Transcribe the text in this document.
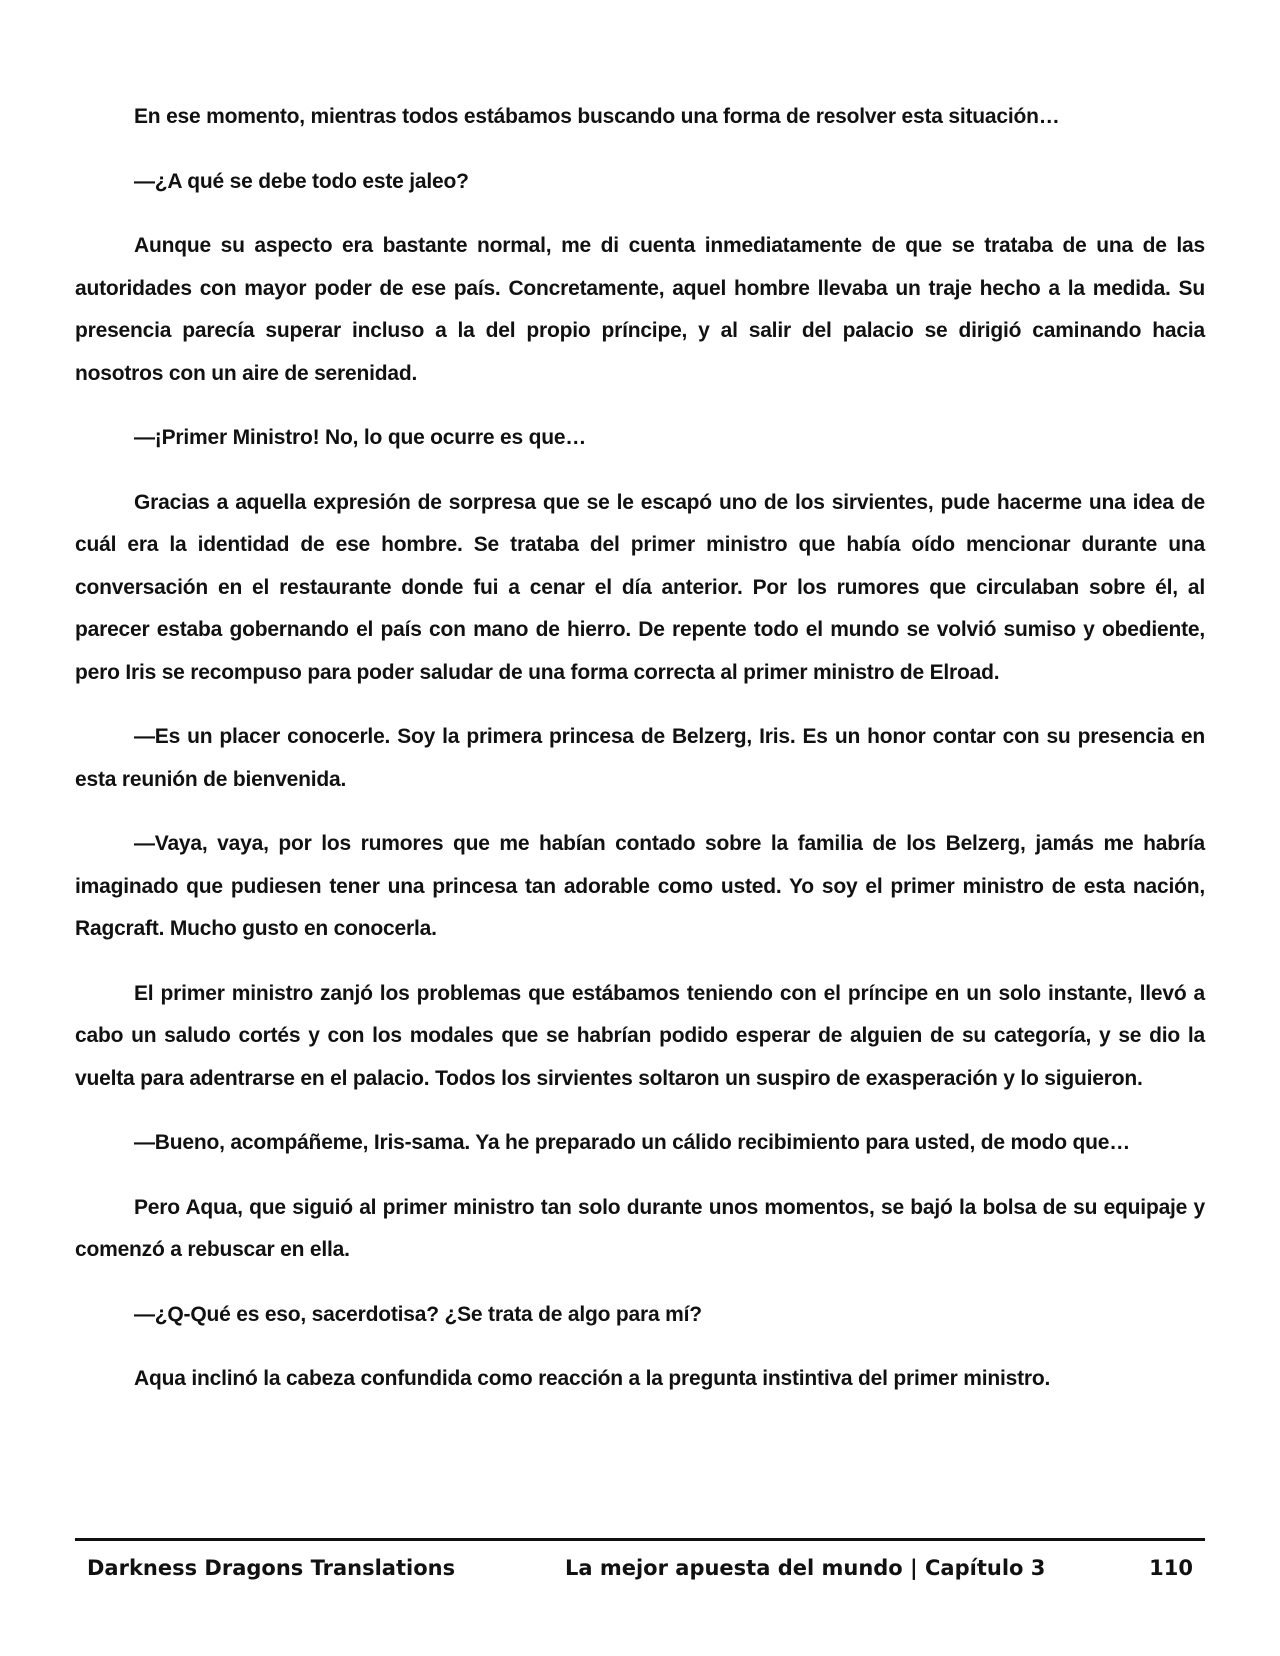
En ese momento, mientras todos estábamos buscando una forma de resolver esta situación…

—¿A qué se debe todo este jaleo?

Aunque su aspecto era bastante normal, me di cuenta inmediatamente de que se trataba de una de las autoridades con mayor poder de ese país. Concretamente, aquel hombre llevaba un traje hecho a la medida. Su presencia parecía superar incluso a la del propio príncipe, y al salir del palacio se dirigió caminando hacia nosotros con un aire de serenidad.

—¡Primer Ministro! No, lo que ocurre es que…

Gracias a aquella expresión de sorpresa que se le escapó uno de los sirvientes, pude hacerme una idea de cuál era la identidad de ese hombre. Se trataba del primer ministro que había oído mencionar durante una conversación en el restaurante donde fui a cenar el día anterior. Por los rumores que circulaban sobre él, al parecer estaba gobernando el país con mano de hierro. De repente todo el mundo se volvió sumiso y obediente, pero Iris se recompuso para poder saludar de una forma correcta al primer ministro de Elroad.

—Es un placer conocerle. Soy la primera princesa de Belzerg, Iris. Es un honor contar con su presencia en esta reunión de bienvenida.

—Vaya, vaya, por los rumores que me habían contado sobre la familia de los Belzerg, jamás me habría imaginado que pudiesen tener una princesa tan adorable como usted. Yo soy el primer ministro de esta nación, Ragcraft. Mucho gusto en conocerla.

El primer ministro zanjó los problemas que estábamos teniendo con el príncipe en un solo instante, llevó a cabo un saludo cortés y con los modales que se habrían podido esperar de alguien de su categoría, y se dio la vuelta para adentrarse en el palacio. Todos los sirvientes soltaron un suspiro de exasperación y lo siguieron.

—Bueno, acompáñeme, Iris-sama. Ya he preparado un cálido recibimiento para usted, de modo que…

Pero Aqua, que siguió al primer ministro tan solo durante unos momentos, se bajó la bolsa de su equipaje y comenzó a rebuscar en ella.

—¿Q-Qué es eso, sacerdotisa? ¿Se trata de algo para mí?

Aqua inclinó la cabeza confundida como reacción a la pregunta instintiva del primer ministro.

Darkness Dragons Translations	La mejor apuesta del mundo | Capítulo 3	110
